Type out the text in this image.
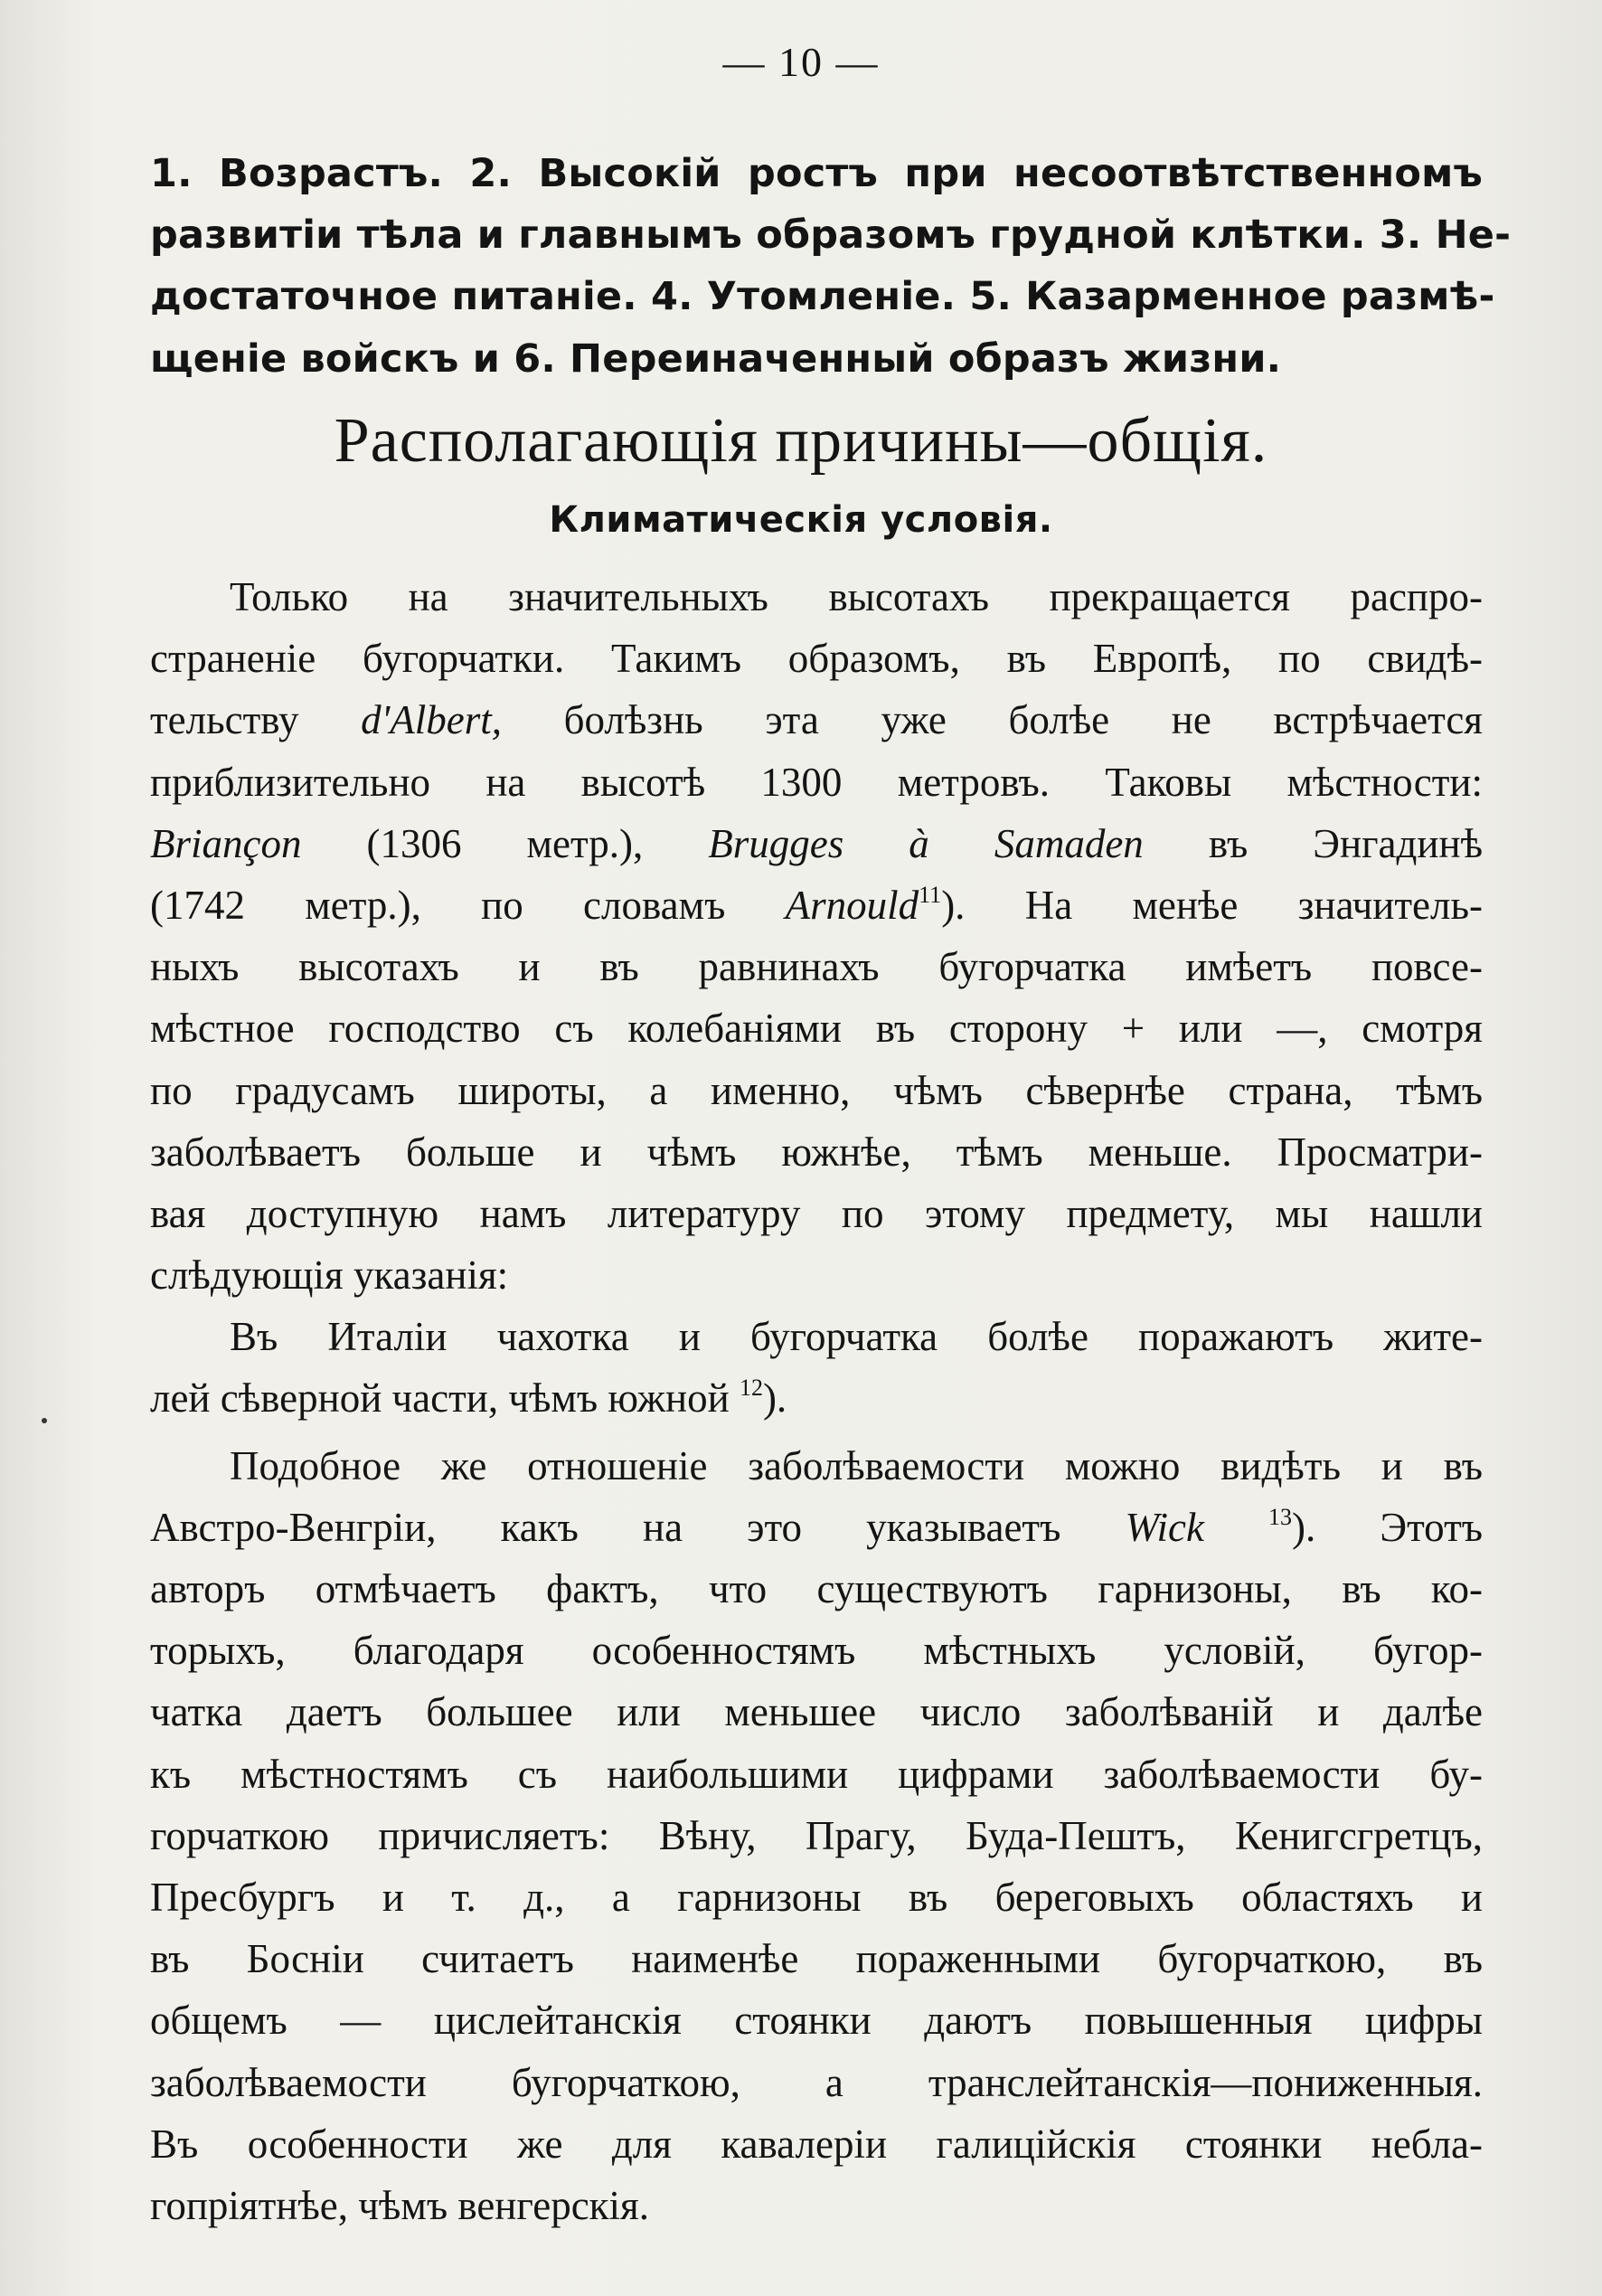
— 10 —
1. Возрастъ. 2. Высокій ростъ при несоотвѣтственномъ
развитіи тѣла и главнымъ образомъ грудной клѣтки. 3. Не-
достаточное питаніе. 4. Утомленіе. 5. Казарменное размѣ-
щеніе войскъ и 6. Переиначенный образъ жизни.
Располагающія причины—общія.
Климатическія условія.
Только на значительныхъ высотахъ прекращается распро-
страненіе бугорчатки. Такимъ образомъ, въ Европѣ, по свидѣ-
тельству d'Albert, болѣзнь эта уже болѣе не встрѣчается
приблизительно на высотѣ 1300 метровъ. Таковы мѣстности:
Briançon (1306 метр.), Brugges à Samaden въ Энгадинѣ
(1742 метр.), по словамъ Arnould$^{11}$). На менѣе значитель-
ныхъ высотахъ и въ равнинахъ бугорчатка имѣетъ повсе-
мѣстное господство съ колебаніями въ сторону + или —, смотря
по градусамъ широты, а именно, чѣмъ сѣвернѣе страна, тѣмъ
заболѣваетъ больше и чѣмъ южнѣе, тѣмъ меньше. Просматри-
вая доступную намъ литературу по этому предмету, мы нашли
слѣдующія указанія:
Въ Италіи чахотка и бугорчатка болѣе поражаютъ жите-
лей сѣверной части, чѣмъ южной $^{12}$).
Подобное же отношеніе заболѣваемости можно видѣть и въ
Австро-Венгріи, какъ на это указываетъ Wick	$^{13}$). Этотъ
авторъ отмѣчаетъ фактъ, что существуютъ гарнизоны, въ ко-
торыхъ, благодаря особенностямъ мѣстныхъ условій, бугор-
чатка даетъ большее или меньшее число заболѣваній и далѣе
къ мѣстностямъ съ наибольшими цифрами заболѣваемости бу-
горчаткою причисляетъ: Вѣну, Прагу, Буда-Пештъ, Кенигсгретцъ,
Пресбургъ и т. д., а гарнизоны въ береговыхъ областяхъ и
въ Босніи считаетъ наименѣе пораженными бугорчаткою, въ
общемъ — цислейтанскія стоянки даютъ повышенныя цифры
заболѣваемости бугорчаткою, а транслейтанскія—пониженныя.
Въ особенности же для кавалеріи галиційскія стоянки небла-
гопріятнѣе, чѣмъ венгерскія.
